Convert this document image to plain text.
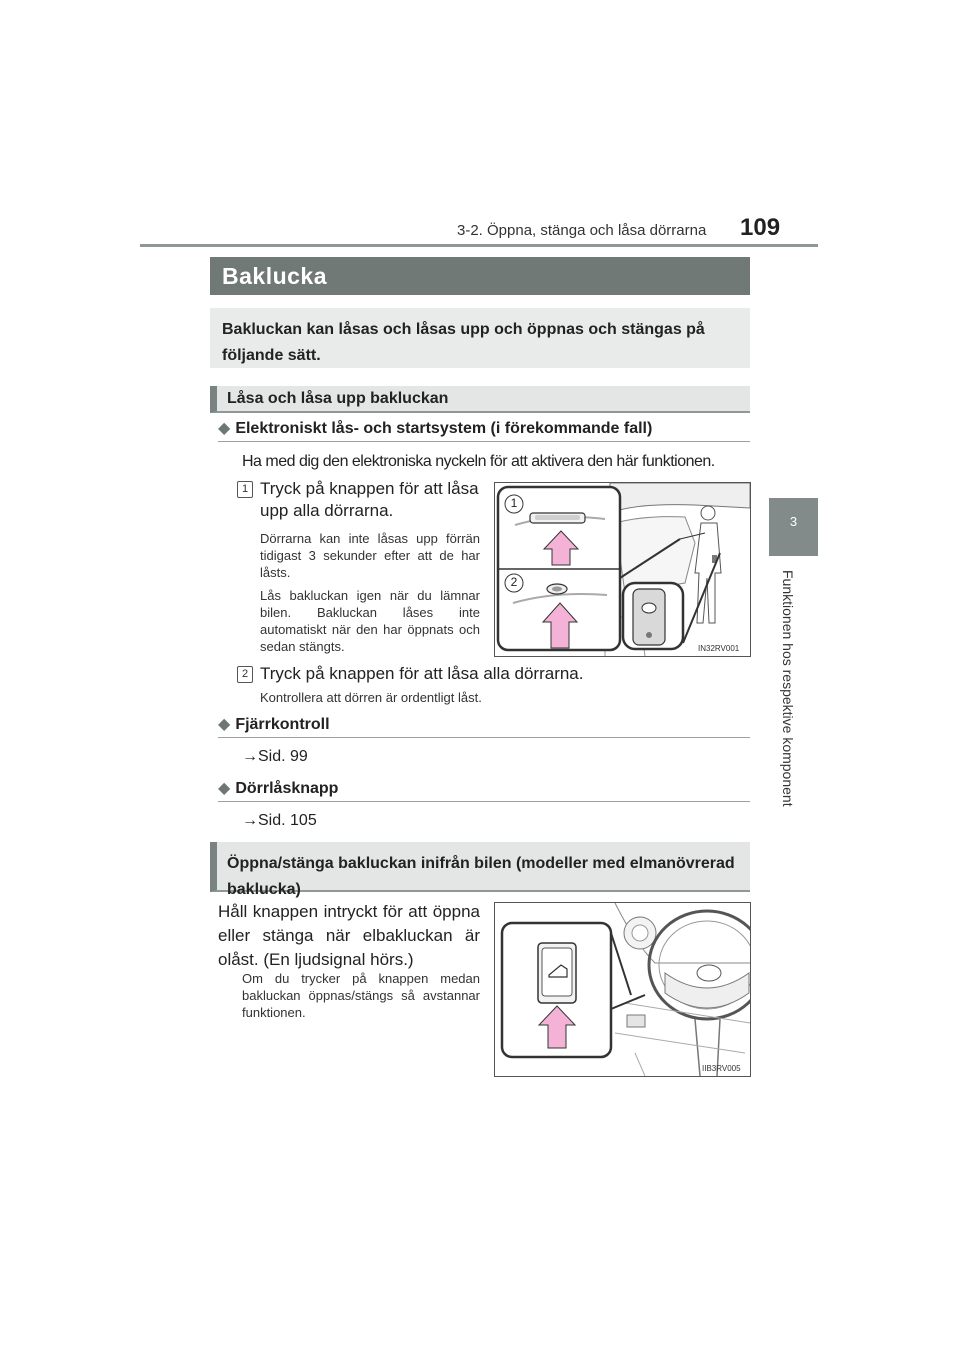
3-2. Öppna, stänga och låsa dörrarna 109
3
Funktionen hos respektive komponent
Baklucka
Bakluckan kan låsas och låsas upp och öppnas och stängas på följande sätt.
Låsa och låsa upp bakluckan
◆ Elektroniskt lås- och startsystem (i förekommande fall)
Ha med dig den elektroniska nyckeln för att aktivera den här funktionen.
1 Tryck på knappen för att låsa upp alla dörrarna.
Dörrarna kan inte låsas upp förrän tidigast 3 sekunder efter att de har låsts.
Lås bakluckan igen när du lämnar bilen. Bakluckan låses inte automatiskt när den har öppnats och sedan stängts.
1
2
IN32RV001
2 Tryck på knappen för att låsa alla dörrarna.
Kontrollera att dörren är ordentligt låst.
◆ Fjärrkontroll
→Sid. 99
◆ Dörrlåsknapp
→Sid. 105
Öppna/stänga bakluckan inifrån bilen (modeller med elmanövrerad baklucka)
Håll knappen intryckt för att öppna eller stänga när elbakluckan är olåst. (En ljudsignal hörs.)
Om du trycker på knappen medan bakluckan öppnas/stängs så avstannar funktionen.
IIB3RV005
